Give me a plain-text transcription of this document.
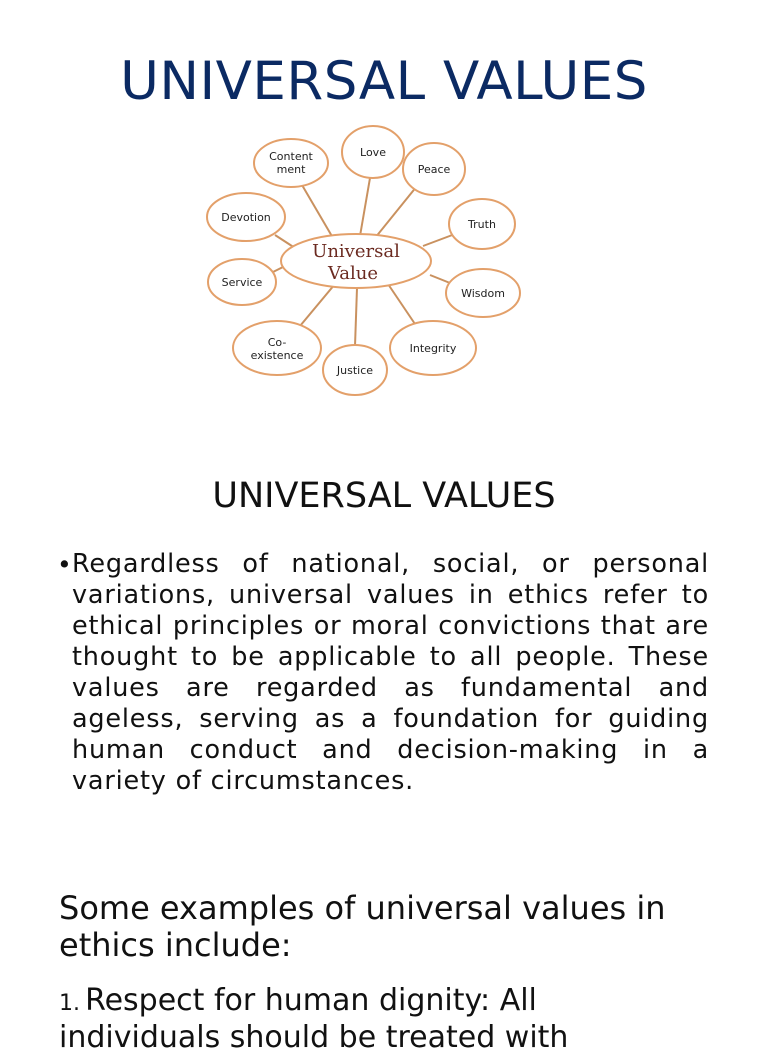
UNIVERSAL VALUES
Content
ment
Love
Peace
Devotion
Truth
Service
Wisdom
Co-
existence
Integrity
Justice
Universal
Value
UNIVERSAL VALUES
• Regardless of national, social, or personal variations, universal values in ethics refer to ethical principles or moral convictions that are thought to be applicable to all people. These values are regarded as fundamental and ageless, serving as a foundation for guiding human conduct and decision-making in a variety of circumstances.

Some examples of universal values in ethics include:
1. Respect for human dignity: All
individuals should be treated with
